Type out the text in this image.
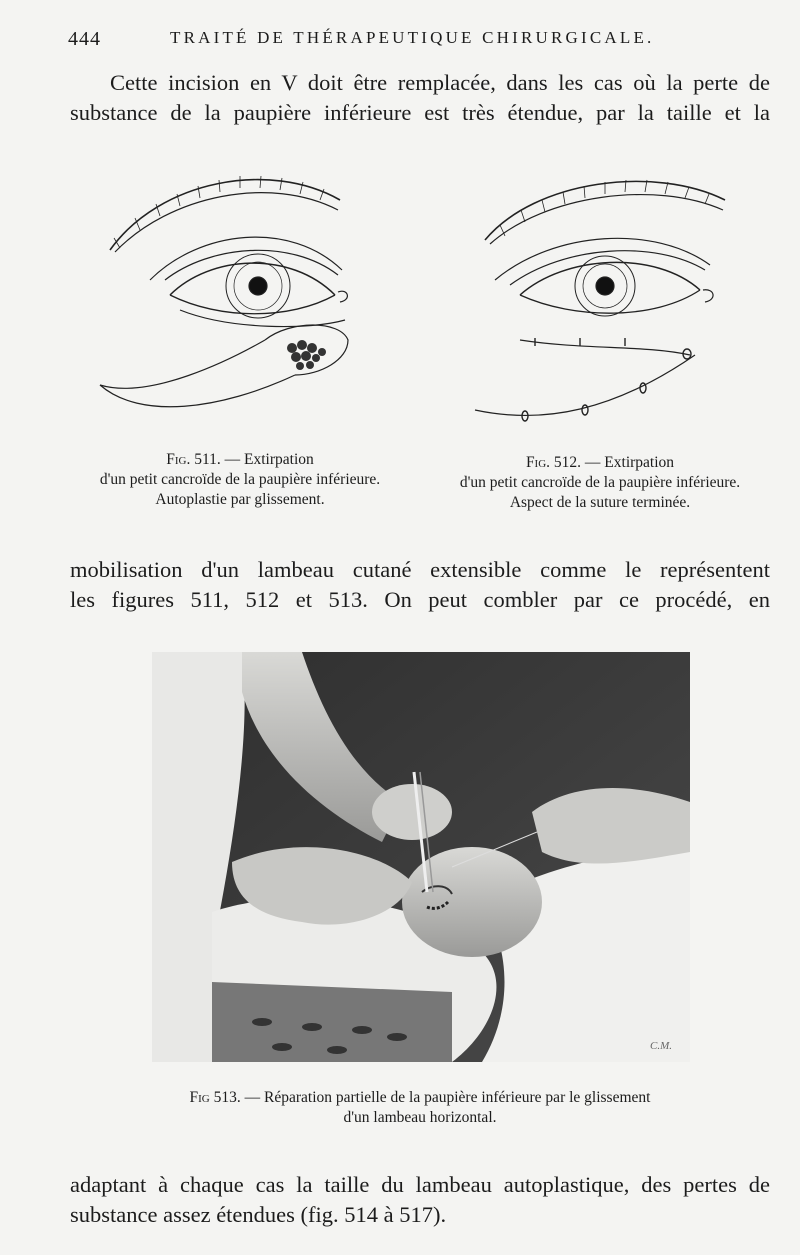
444	TRAITÉ DE THÉRAPEUTIQUE CHIRURGICALE.

Cette incision en V doit être remplacée, dans les cas où la perte de

substance de la paupière inférieure est très étendue, par la taille et la

Fig. 511. — Extirpation
d'un petit cancroïde de la paupière inférieure.
Autoplastie par glissement.

Fig. 512. — Extirpation
d'un petit cancroïde de la paupière inférieure.
Aspect de la suture terminée.

mobilisation d'un lambeau cutané extensible comme le représentent

les figures 511, 512 et 513. On peut combler par ce procédé, en

C.M.

Fig 513. — Réparation partielle de la paupière inférieure par le glissement
d'un lambeau horizontal.

adaptant à chaque cas la taille du lambeau autoplastique, des pertes de

substance assez étendues (fig. 514 à 517).
